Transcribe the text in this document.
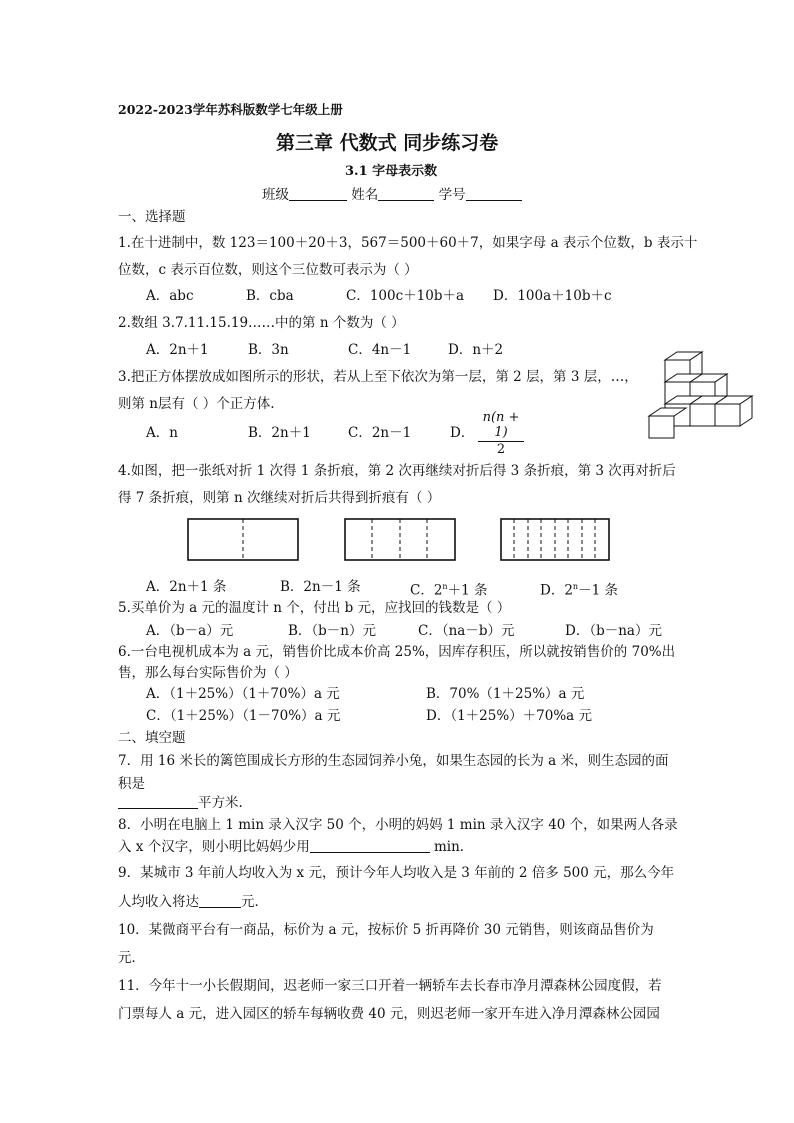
2022-2023学年苏科版数学七年级上册
第三章 代数式 同步练习卷
3.1 字母表示数
班级	姓名	学号
一、选择题
1.在十进制中，数 123＝100＋20＋3，567＝500＋60＋7，如果字母 a 表示个位数，b 表示十
位数，c 表示百位数，则这个三位数可表示为（ ）
A．abc	B．cba	C．100c＋10b＋a D．100a＋10b＋c
2.数组 3.7.11.15.19……中的第 n 个数为（ ）
A．2n＋1	B．3n	C．4n－1	D．n＋2
3.把正方体摆放成如图所示的形状，若从上至下依次为第一层，第 2 层，第 3 层，…，
则第 n层有（ ）个正方体.
A．n	B．2n＋1	C．2n－1	D．
n(n + 1)
2
4.如图，把一张纸对折 1 次得 1 条折痕，第 2 次再继续对折后得 3 条折痕，第 3 次再对折后
得 7 条折痕，则第 n 次继续对折后共得到折痕有（ ）
A．2n＋1 条	B．2n－1 条	C．$2^n+1$ 条	D．$2^n-1$ 条
5.买单价为 a 元的温度计 n 个，付出 b 元，应找回的钱数是（ ）
A．（b－a）元	B．（b－n）元	C．（na－b）元	D．（b－na）元
6.一台电视机成本为 a 元，销售价比成本价高 25%，因库存积压，所以就按销售价的 70%出
售，那么每台实际售价为（ ）
A．（1＋25%）（1＋70%）a 元	B．70%（1＋25%）a 元
C．（1＋25%）（1－70%）a 元	D．（1＋25%）＋70%a 元
二、填空题
7．用 16 米长的篱笆围成长方形的生态园饲养小兔，如果生态园的长为 a 米，则生态园的面
积是
平方米.
8．小明在电脑上 1 min 录入汉字 50 个，小明的妈妈 1 min 录入汉字 40 个，如果两人各录
入 x 个汉字，则小明比妈妈少用	min.
9．某城市 3 年前人均收入为 x 元，预计今年人均收入是 3 年前的 2 倍多 500 元，那么今年
人均收入将达	元．
10．某微商平台有一商品，标价为 a 元，按标价 5 折再降价 30 元销售，则该商品售价为
元．
11．今年十一小长假期间，迟老师一家三口开着一辆轿车去长春市净月潭森林公园度假，若
门票每人 a 元，进入园区的轿车每辆收费 40 元，则迟老师一家开车进入净月潭森林公园园
